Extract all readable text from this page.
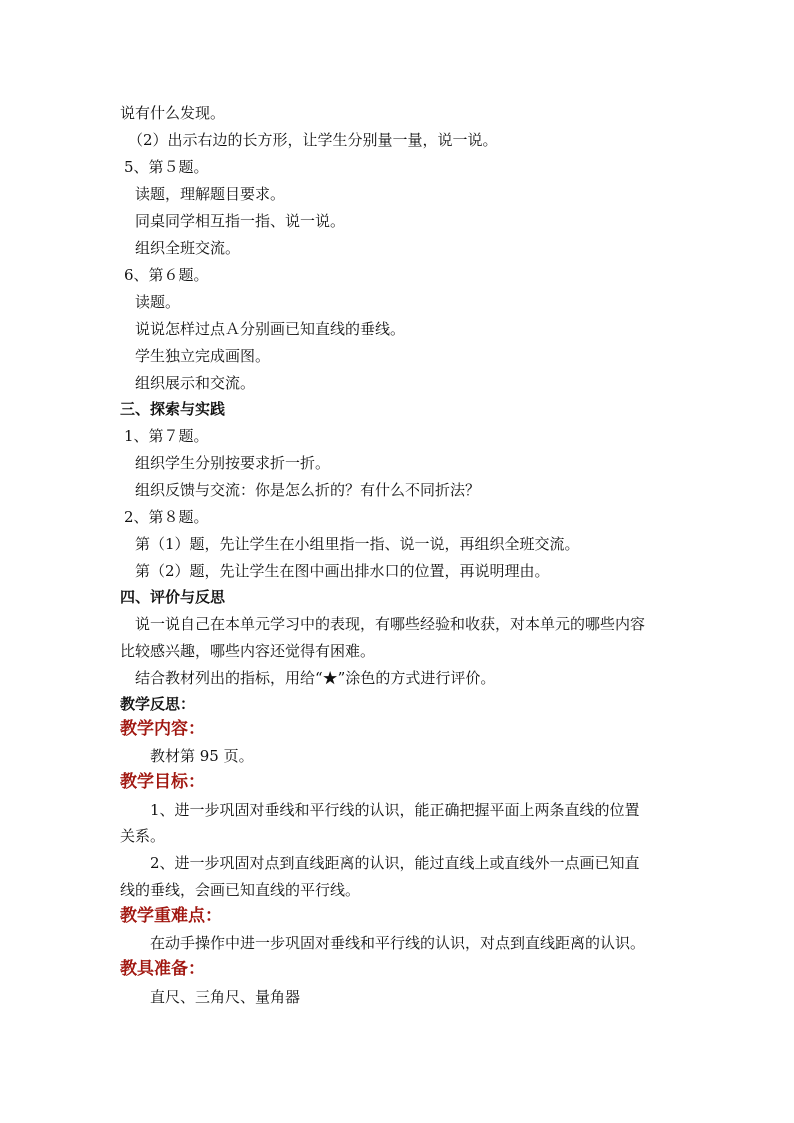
说有什么发现。
（2）出示右边的长方形，让学生分别量一量，说一说。
5、第５题。
读题，理解题目要求。
同桌同学相互指一指、说一说。
组织全班交流。
6、第６题。
读题。
说说怎样过点Ａ分别画已知直线的垂线。
学生独立完成画图。
组织展示和交流。
三、探索与实践
1、第７题。
组织学生分别按要求折一折。
组织反馈与交流：你是怎么折的？有什么不同折法？
2、第８题。
第（1）题，先让学生在小组里指一指、说一说，再组织全班交流。
第（2）题，先让学生在图中画出排水口的位置，再说明理由。
四、评价与反思
说一说自己在本单元学习中的表现，有哪些经验和收获，对本单元的哪些内容
比较感兴趣，哪些内容还觉得有困难。
结合教材列出的指标，用给“★”涂色的方式进行评价。
教学反思：
教学内容：
教材第 95 页。
教学目标：
1、进一步巩固对垂线和平行线的认识，能正确把握平面上两条直线的位置
关系。
2、进一步巩固对点到直线距离的认识，能过直线上或直线外一点画已知直
线的垂线，会画已知直线的平行线。
教学重难点：
在动手操作中进一步巩固对垂线和平行线的认识，对点到直线距离的认识。
教具准备：
直尺、三角尺、量角器
